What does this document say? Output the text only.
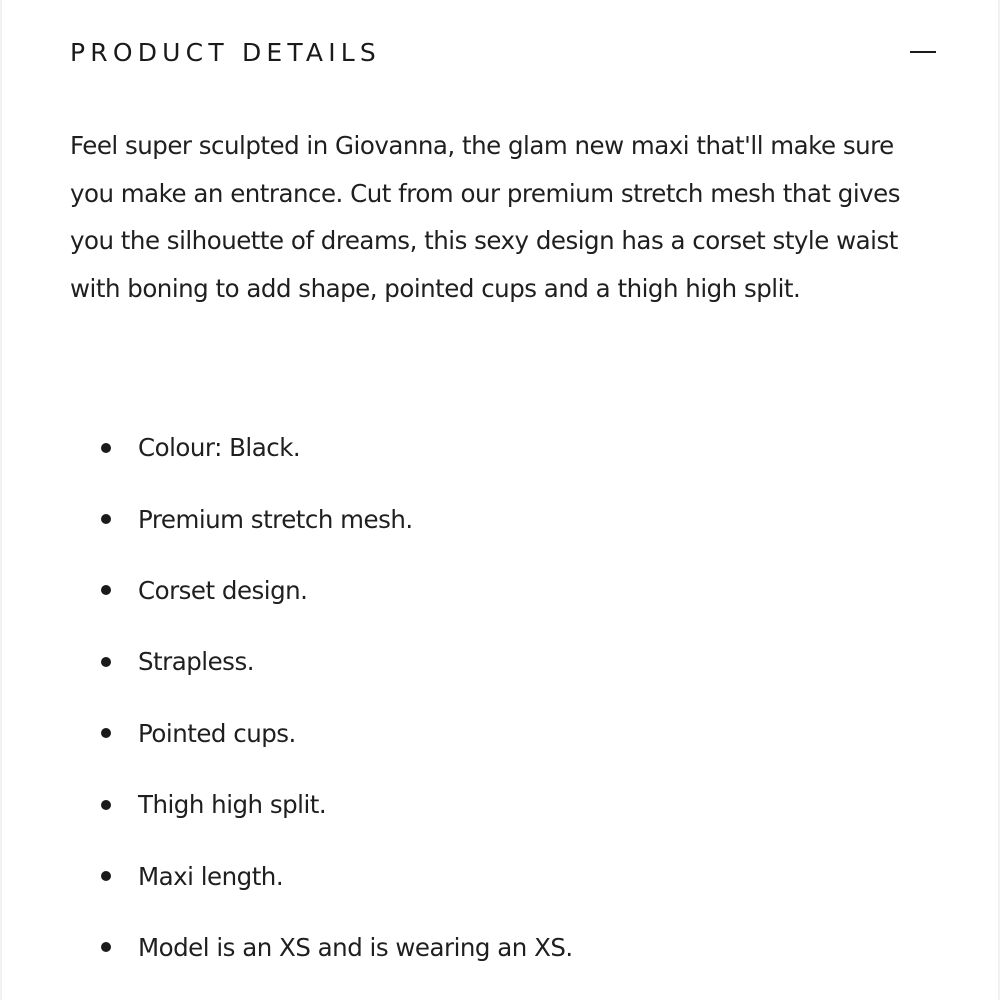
PRODUCT DETAILS

Feel super sculpted in Giovanna, the glam new maxi that'll make sure you make an entrance. Cut from our premium stretch mesh that gives you the silhouette of dreams, this sexy design has a corset style waist with boning to add shape, pointed cups and a thigh high split.

Colour: Black.
Premium stretch mesh.
Corset design.
Strapless.
Pointed cups.
Thigh high split.
Maxi length.
Model is an XS and is wearing an XS.
